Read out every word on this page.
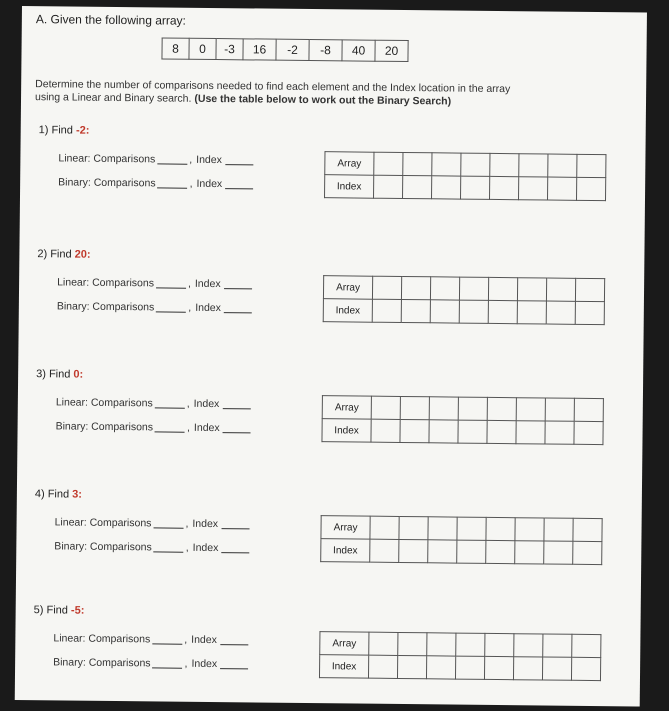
A. Given the following array:
8	0	-3	16	-2	-8	40	20
Determine the number of comparisons needed to find each element and the Index location in the array
using a Linear and Binary search. (Use the table below to work out the Binary Search)
1) Find -2:
Linear: Comparisons	, Index
Binary: Comparisons	, Index
Array								
Index								
2) Find 20:
Linear: Comparisons	, Index
Binary: Comparisons	, Index
Array								
Index								
3) Find 0:
Linear: Comparisons	, Index
Binary: Comparisons	, Index
Array								
Index								
4) Find 3:
Linear: Comparisons	, Index
Binary: Comparisons	, Index
Array								
Index								
5) Find -5:
Linear: Comparisons	, Index
Binary: Comparisons	, Index
Array								
Index								
